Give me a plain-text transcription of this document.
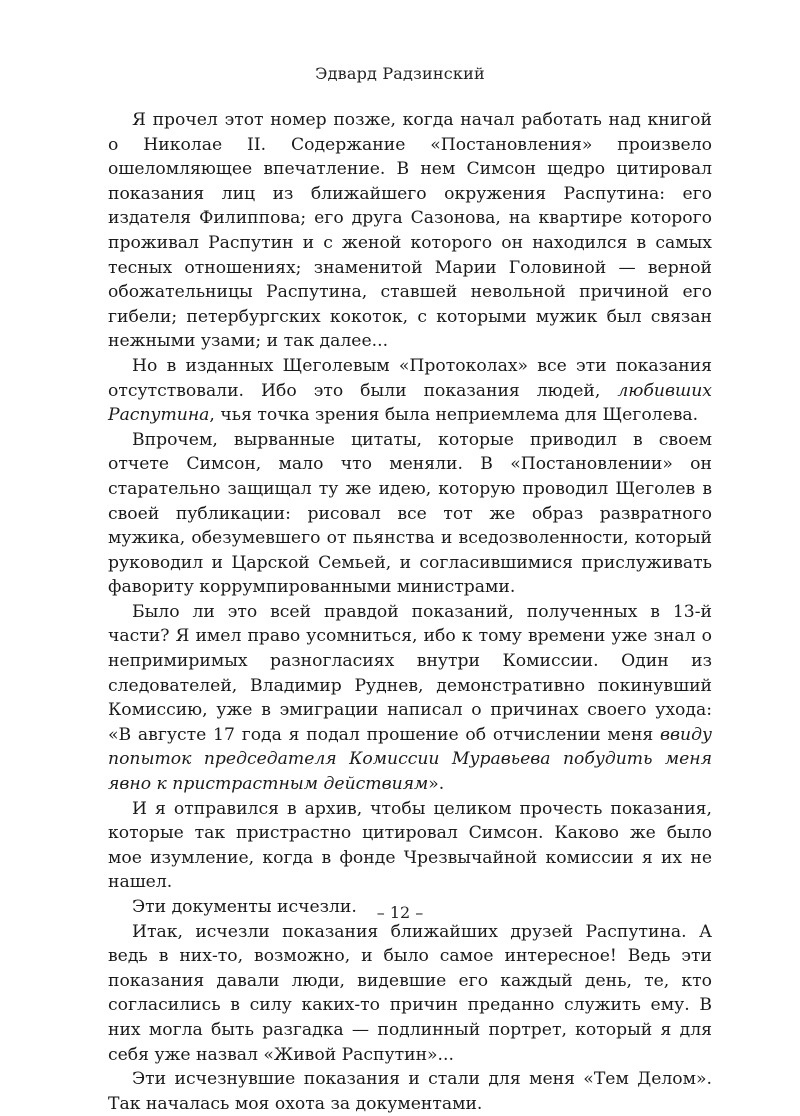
Эдвард Радзинский

Я прочел этот номер позже, когда начал работать над книгой о Николае II. Содержание «Постановления» произвело ошеломляющее впечатление. В нем Симсон щедро цитировал показания лиц из ближайшего окружения Распутина: его издателя Филиппова; его друга Сазонова, на квартире которого проживал Распутин и с женой которого он находился в самых тесных отношениях; знаменитой Марии Головиной — верной обожательницы Распутина, ставшей невольной причиной его гибели; петербургских кокоток, с которыми мужик был связан нежными узами; и так далее...

Но в изданных Щеголевым «Протоколах» все эти показания отсутствовали. Ибо это были показания людей, любивших Распутина, чья точка зрения была неприемлема для Щеголева.

Впрочем, вырванные цитаты, которые приводил в своем отчете Симсон, мало что меняли. В «Постановлении» он старательно защищал ту же идею, которую проводил Щеголев в своей публикации: рисовал все тот же образ развратного мужика, обезумевшего от пьянства и вседозволенности, который руководил и Царской Семьей, и согласившимися прислуживать фавориту коррумпированными министрами.

Было ли это всей правдой показаний, полученных в 13-й части? Я имел право усомниться, ибо к тому времени уже знал о непримиримых разногласиях внутри Комиссии. Один из следователей, Владимир Руднев, демонстративно покинувший Комиссию, уже в эмиграции написал о причинах своего ухода: «В августе 17 года я подал прошение об отчислении меня ввиду попыток председателя Комиссии Муравьева побудить меня явно к пристрастным действиям».

И я отправился в архив, чтобы целиком прочесть показания, которые так пристрастно цитировал Симсон. Каково же было мое изумление, когда в фонде Чрезвычайной комиссии я их не нашел.

Эти документы исчезли.

Итак, исчезли показания ближайших друзей Распутина. А ведь в них-то, возможно, и было самое интересное! Ведь эти показания давали люди, видевшие его каждый день, те, кто согласились в силу каких-то причин преданно служить ему. В них могла быть разгадка — подлинный портрет, который я для себя уже назвал «Живой Распутин»...

Эти исчезнувшие показания и стали для меня «Тем Делом». Так началась моя охота за документами.

– 12 –
